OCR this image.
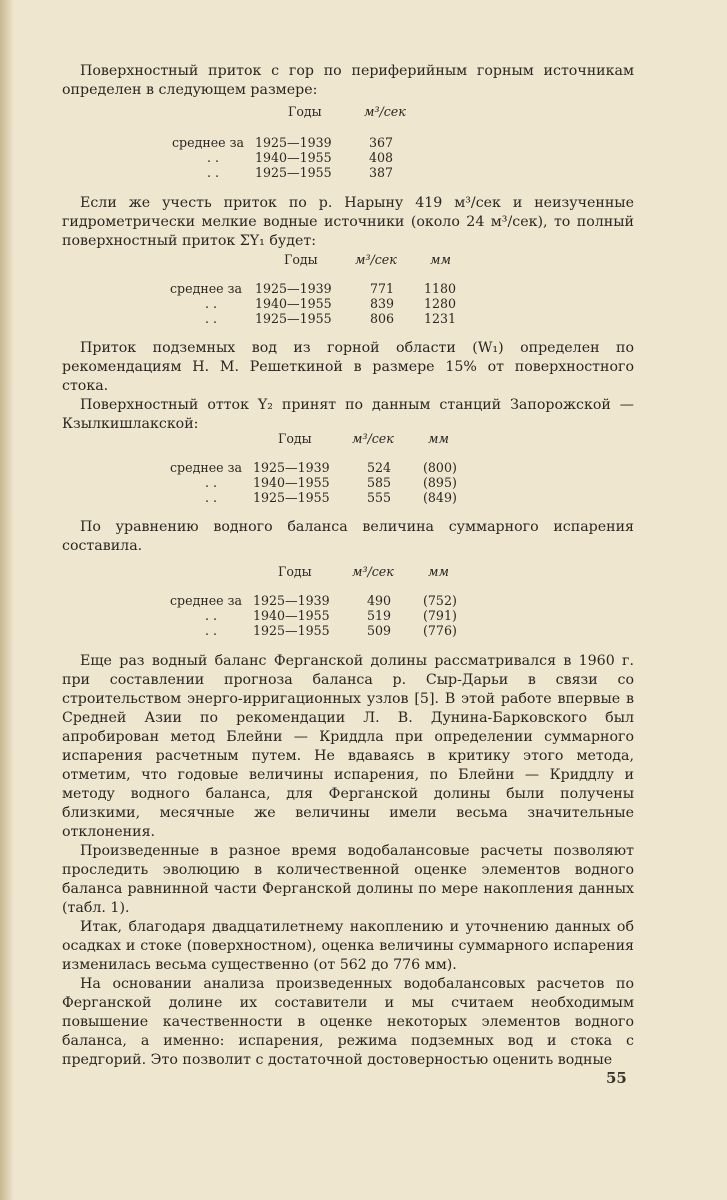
Поверхностный приток с гор по периферийным горным источникам определен в следующем размере:
Годы	м³/сек
среднее за 1925—1939	367
. .	1940—1955	408
. .	1925—1955	387
Если же учесть приток по р. Нарыну 419 м³/сек и неизученные гидрометрически мелкие водные источники (около 24 м³/сек), то полный поверхностный приток ΣY₁ будет:
Годы	м³/сек	мм
среднее за 1925—1939	771 1180
. .	1940—1955	839 1280
. .	1925—1955	806 1231
Приток подземных вод из горной области (W₁) определен по рекомендациям Н. М. Решеткиной в размере 15% от поверхностного стока.
Поверхностный отток Y₂ принят по данным станций Запорожской — Кзылкишлакской:
Годы	м³/сек	мм
среднее за 1925—1939	524	(800)
. .	1940—1955	585	(895)
. .	1925—1955	555	(849)
По уравнению водного баланса величина суммарного испарения составила.
Годы	м³/сек	мм
среднее за 1925—1939	490	(752)
. .	1940—1955	519	(791)
. .	1925—1955	509	(776)
Еще раз водный баланс Ферганской долины рассматривался в 1960 г. при составлении прогноза баланса р. Сыр-Дарьи в связи со строительством энерго-ирригационных узлов [5]. В этой работе впервые в Средней Азии по рекомендации Л. В. Дунина-Барковского был апробирован метод Блейни — Криддла при определении суммарного испарения расчетным путем. Не вдаваясь в критику этого метода, отметим, что годовые величины испарения, по Блейни — Криддлу и методу водного баланса, для Ферганской долины были получены близкими, месячные же величины имели весьма значительные отклонения.
Произведенные в разное время водобалансовые расчеты позволяют проследить эволюцию в количественной оценке элементов водного баланса равнинной части Ферганской долины по мере накопления данных (табл. 1).
Итак, благодаря двадцатилетнему накоплению и уточнению данных об осадках и стоке (поверхностном), оценка величины суммарного испарения изменилась весьма существенно (от 562 до 776 мм).
На основании анализа произведенных водобалансовых расчетов по Ферганской долине их составители и мы считаем необходимым повышение качественности в оценке некоторых элементов водного баланса, а именно: испарения, режима подземных вод и стока с предгорий. Это позволит с достаточной достоверностью оценить водные
55
